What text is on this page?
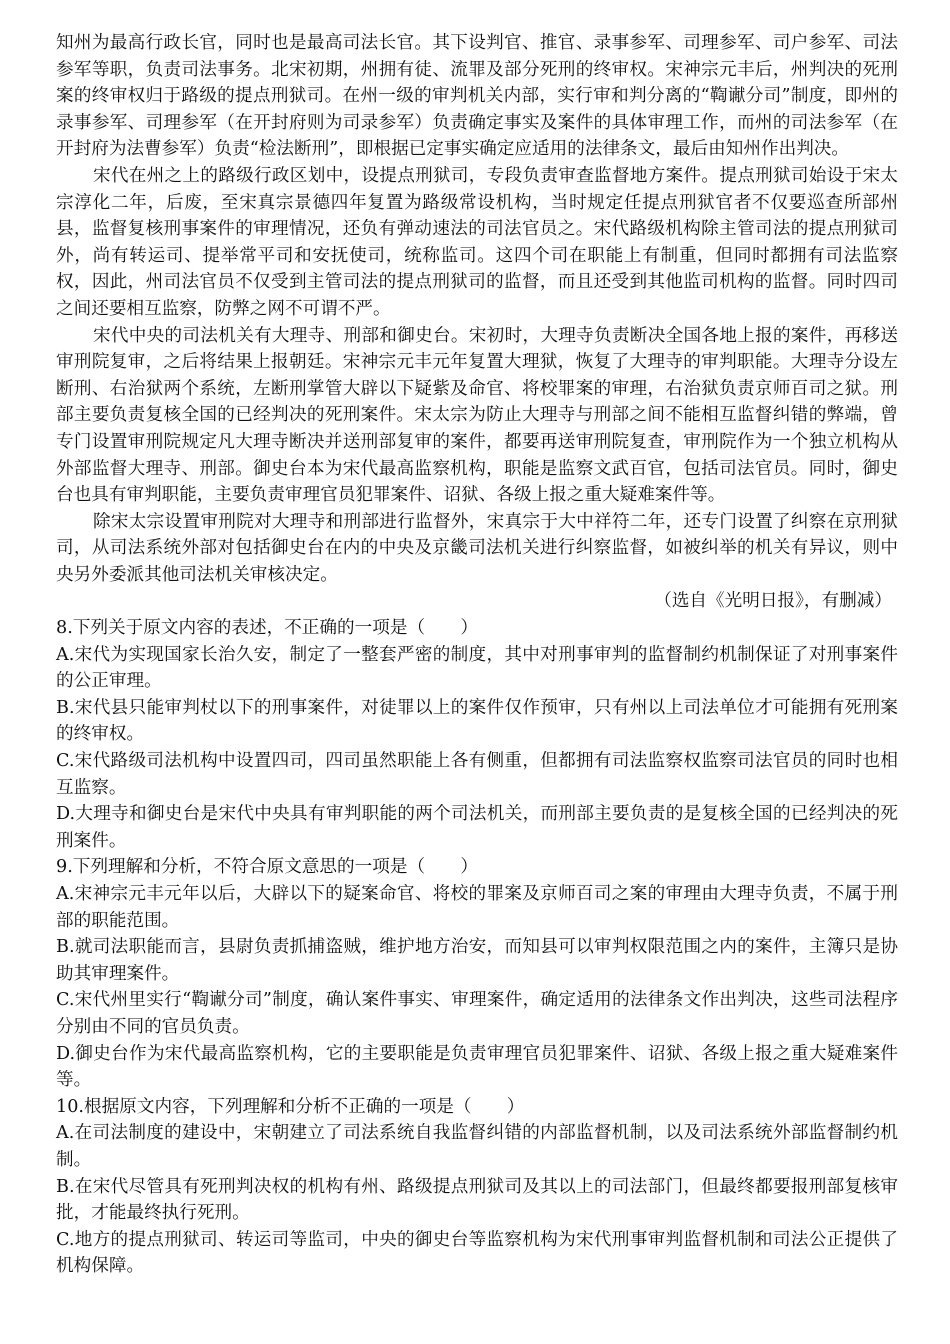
知州为最高行政长官，同时也是最高司法长官。其下设判官、推官、录事参军、司理参军、司户参军、司法参军等职，负责司法事务。北宋初期，州拥有徒、流罪及部分死刑的终审权。宋神宗元丰后，州判决的死刑案的终审权归于路级的提点刑狱司。在州一级的审判机关内部，实行审和判分离的“鞫谳分司”制度，即州的录事参军、司理参军（在开封府则为司录参军）负责确定事实及案件的具体审理工作，而州的司法参军（在开封府为法曹参军）负责“检法断刑”，即根据已定事实确定应适用的法律条文，最后由知州作出判决。

宋代在州之上的路级行政区划中，设提点刑狱司，专段负责审查监督地方案件。提点刑狱司始设于宋太宗淳化二年，后废，至宋真宗景德四年复置为路级常设机构，当时规定任提点刑狱官者不仅要巡查所部州县，监督复核刑事案件的审理情况，还负有弹动速法的司法官员之。宋代路级机构除主管司法的提点刑狱司外，尚有转运司、提举常平司和安抚使司，统称监司。这四个司在职能上有制重，但同时都拥有司法监察权，因此，州司法官员不仅受到主管司法的提点刑狱司的监督，而且还受到其他监司机构的监督。同时四司之间还要相互监察，防弊之网不可谓不严。

宋代中央的司法机关有大理寺、刑部和御史台。宋初时，大理寺负责断决全国各地上报的案件，再移送审刑院复审，之后将结果上报朝廷。宋神宗元丰元年复置大理狱，恢复了大理寺的审判职能。大理寺分设左断刑、右治狱两个系统，左断刑掌管大辟以下疑紫及命官、将校罪案的审理，右治狱负责京师百司之狱。刑部主要负责复核全国的已经判决的死刑案件。宋太宗为防止大理寺与刑部之间不能相互监督纠错的弊端，曾专门设置审刑院规定凡大理寺断决并送刑部复审的案件，都要再送审刑院复查，审刑院作为一个独立机构从外部监督大理寺、刑部。御史台本为宋代最高监察机构，职能是监察文武百官，包括司法官员。同时，御史台也具有审判职能，主要负责审理官员犯罪案件、诏狱、各级上报之重大疑难案件等。

除宋太宗设置审刑院对大理寺和刑部进行监督外，宋真宗于大中祥符二年，还专门设置了纠察在京刑狱司，从司法系统外部对包括御史台在内的中央及京畿司法机关进行纠察监督，如被纠举的机关有异议，则中央另外委派其他司法机关审核决定。

（选自《光明日报》，有删减）

8.下列关于原文内容的表述，不正确的一项是（　　）

A.宋代为实现国家长治久安，制定了一整套严密的制度，其中对刑事审判的监督制约机制保证了对刑事案件的公正审理。

B.宋代县只能审判杖以下的刑事案件，对徒罪以上的案件仅作预审，只有州以上司法单位才可能拥有死刑案的终审权。

C.宋代路级司法机构中设置四司，四司虽然职能上各有侧重，但都拥有司法监察权监察司法官员的同时也相互监察。

D.大理寺和御史台是宋代中央具有审判职能的两个司法机关，而刑部主要负责的是复核全国的已经判决的死刑案件。

9.下列理解和分析，不符合原文意思的一项是（　　）

A.宋神宗元丰元年以后，大辟以下的疑案命官、将校的罪案及京师百司之案的审理由大理寺负责，不属于刑部的职能范围。

B.就司法职能而言，县尉负责抓捕盗贼，维护地方治安，而知县可以审判权限范围之内的案件，主簿只是协助其审理案件。

C.宋代州里实行“鞫谳分司”制度，确认案件事实、审理案件，确定适用的法律条文作出判决，这些司法程序分别由不同的官员负责。

D.御史台作为宋代最高监察机构，它的主要职能是负责审理官员犯罪案件、诏狱、各级上报之重大疑难案件等。

10.根据原文内容，下列理解和分析不正确的一项是（　　）

A.在司法制度的建设中，宋朝建立了司法系统自我监督纠错的内部监督机制，以及司法系统外部监督制约机制。

B.在宋代尽管具有死刑判决权的机构有州、路级提点刑狱司及其以上的司法部门，但最终都要报刑部复核审批，才能最终执行死刑。

C.地方的提点刑狱司、转运司等监司，中央的御史台等监察机构为宋代刑事审判监督机制和司法公正提供了机构保障。
